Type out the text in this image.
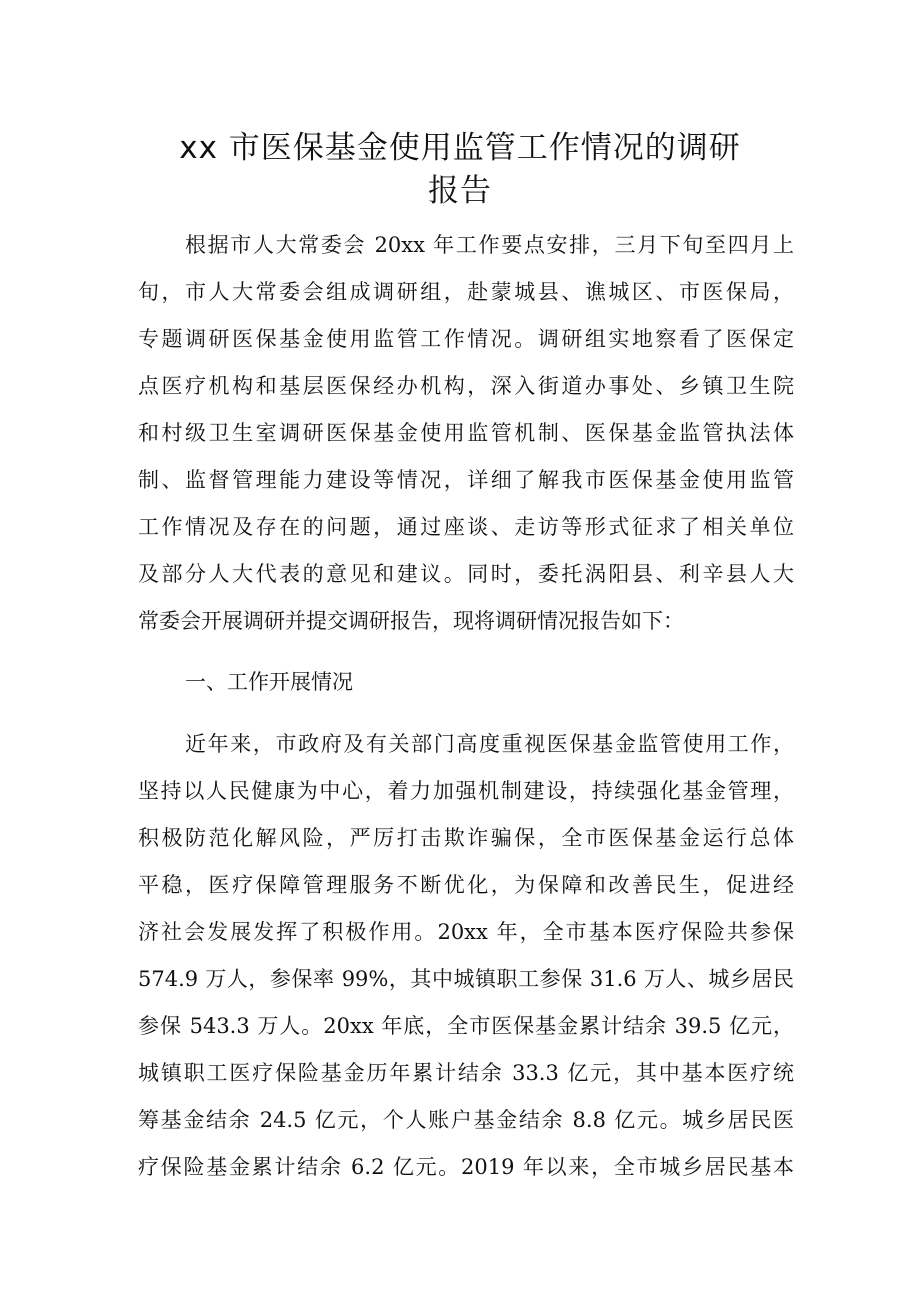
xx 市医保基金使用监管工作情况的调研
报告
根据市人大常委会 20xx 年工作要点安排，三月下旬至四月上
旬，市人大常委会组成调研组，赴蒙城县、谯城区、市医保局，
专题调研医保基金使用监管工作情况。调研组实地察看了医保定
点医疗机构和基层医保经办机构，深入街道办事处、乡镇卫生院
和村级卫生室调研医保基金使用监管机制、医保基金监管执法体
制、监督管理能力建设等情况，详细了解我市医保基金使用监管
工作情况及存在的问题，通过座谈、走访等形式征求了相关单位
及部分人大代表的意见和建议。同时，委托涡阳县、利辛县人大
常委会开展调研并提交调研报告，现将调研情况报告如下：
一、工作开展情况
近年来，市政府及有关部门高度重视医保基金监管使用工作，
坚持以人民健康为中心，着力加强机制建设，持续强化基金管理，
积极防范化解风险，严厉打击欺诈骗保，全市医保基金运行总体
平稳，医疗保障管理服务不断优化，为保障和改善民生，促进经
济社会发展发挥了积极作用。20xx 年，全市基本医疗保险共参保
574.9 万人，参保率 99%，其中城镇职工参保 31.6 万人、城乡居民
参保 543.3 万人。20xx 年底，全市医保基金累计结余 39.5 亿元，
城镇职工医疗保险基金历年累计结余 33.3 亿元，其中基本医疗统
筹基金结余 24.5 亿元，个人账户基金结余 8.8 亿元。城乡居民医
疗保险基金累计结余 6.2 亿元。2019 年以来，全市城乡居民基本
